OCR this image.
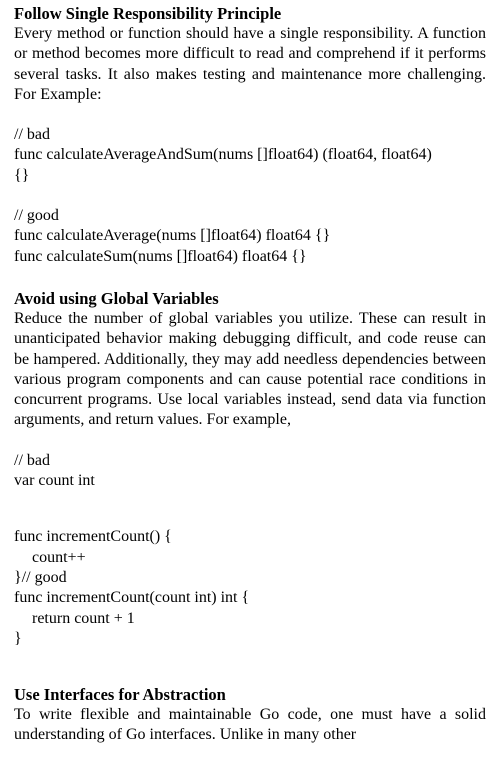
Follow Single Responsibility Principle

Every method or function should have a single responsibility. A function or method becomes more difficult to read and comprehend if it performs several tasks. It also makes testing and maintenance more challenging. For Example:

// bad

func calculateAverageAndSum(nums []float64) (float64, float64)

{}

// good

func calculateAverage(nums []float64) float64 {}

func calculateSum(nums []float64) float64 {}

Avoid using Global Variables

Reduce the number of global variables you utilize. These can result in unanticipated behavior making debugging difficult, and code reuse can be hampered. Additionally, they may add needless dependencies between various program components and can cause potential race conditions in concurrent programs. Use local variables instead, send data via function arguments, and return values. For example,

// bad

var count int

func incrementCount() {

count++

}// good

func incrementCount(count int) int {

return count + 1

}

Use Interfaces for Abstraction

To write flexible and maintainable Go code, one must have a solid understanding of Go interfaces. Unlike in many other
